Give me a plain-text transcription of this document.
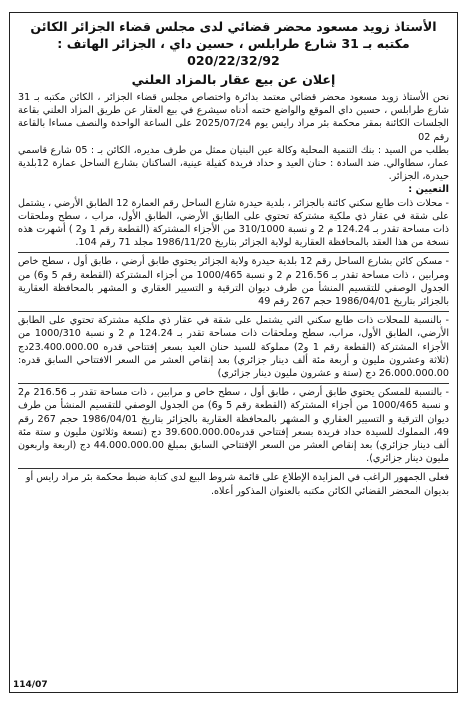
الأستاذ زويد مسعود محضر قضائي لدى مجلس قضاء الجزائر الكائن
مكتبه بـ 31 شارع طرابلس ، حسين داي ، الجزائر الهاتف :
020/22/32/92
إعلان عن بيع عقار بالمزاد العلني

نحن الأستاذ زويد مسعود محضر قضائي معتمد بدائرة واختصاص مجلس قضاء الجزائر ، الكائن مكتبه بـ 31 شارع طرابلس ، حسين داي الموقع والواضع ختمه أدناه سيشرع في بيع العقار عن طريق المزاد العلني بقاعة الجلسات الكائنة بمقر محكمة بئر مراد رايس يوم 2025/07/24 على الساعة الواحدة والنصف مساءا بالقاعة رقم 02

بطلب من السيد : بنك التنمية المحلية وكالة عين البنيان ممثل من طرف مديره، الكائن بـ : 05 شارع قاسمي عمار، سطاوالي. ضد السادة : حنان العيد و حداد فريدة كفيلة عينية، الساكنان بشارع الساحل عمارة 12بلدية حيدرة، الجزائر.

التعيين :

- محلات ذات طابع سكني كائنة بالجزائر ، بلدية حيدرة شارع الساحل رقم العمارة 12 الطابق الأرضي ، يشتمل على شقة في عقار ذي ملكية مشتركة تحتوي على الطابق الأرضي، الطابق الأول، مراب ، سطح وملحقات ذات مساحة تقدر بـ 124.24 م 2 و نسبة 310/1000 من الأجزاء المشتركة (القطعة رقم 1 و2 ) أشهرت هذه نسخة من هذا العقد بالمحافظة العقارية لولاية الجزائر بتاريخ 1986/11/20 مجلد 71 رقم 104.

- مسكن كائن بشارع الساحل رقم 12 بلدية حيدرة ولاية الجزائر يحتوي طابق أرضي ، طابق أول ، سطح خاص ومرابين ، ذات مساحة تقدر بـ 216.56 م 2 و نسبة 1000/465 من أجزاء المشتركة (القطعة رقم 5 و6) من الجدول الوصفي للتقسيم المنشأ من طرف ديوان الترقية و التسيير العقاري و المشهر بالمحافظة العقارية بالجزائر بتاريخ 1986/04/01 حجم 267 رقم 49

- بالنسبة للمحلات ذات طابع سكني التي يشتمل على شقة في عقار ذي ملكية مشتركة تحتوي على الطابق الأرضي، الطابق الأول، مراب، سطح وملحقات ذات مساحة تقدر بـ 124.24 م 2 و نسبة 1000/310 من الأجزاء المشتركة (القطعة رقم 1 و2) مملوكة للسيد حنان العيد بسعر إفتتاحي قدره 23.400.000.00دج (ثلاثة وعشرون مليون و أربعة مئة ألف دينار جزائري) بعد إنقاص العشر من السعر الافتتاحي السابق قدره: 26.000.000.00 دج (ستة و عشرون مليون دينار جزائري)

- بالنسبة للمسكن يحتوي طابق أرضي ، طابق أول ، سطح خاص و مرابين ، ذات مساحة تقدر بـ 216.56 م2 و نسبة 1000/465 من أجزاء المشتركة (القطعة رقم 5 و6) من الجدول الوصفي للتقسيم المنشأ من طرف ديوان الترقية و التسيير العقاري و المشهر بالمحافظة العقارية بالجزائر بتاريخ 1986/04/01 حجم 267 رقم 49، المملوك للسيدة حداد فريدة بسعر إفتتاحي قدره39.600.000.00 دج (تسعة وثلاثون مليون و ستة مئة ألف دينار جزائري) بعد إنقاص العشر من السعر الإفتتاحي السابق بمبلغ 44.000.000.00 دج (اربعة واربعون مليون دينار جزائري).

فعلى الجمهور الراغب في المزايدة الإطلاع على قائمة شروط البيع لدى كتابة ضبط محكمة بئر مراد رايس أو بديوان المحضر القضائي الكائن مكتبه بالعنوان المذكور أعلاه.

114/07
